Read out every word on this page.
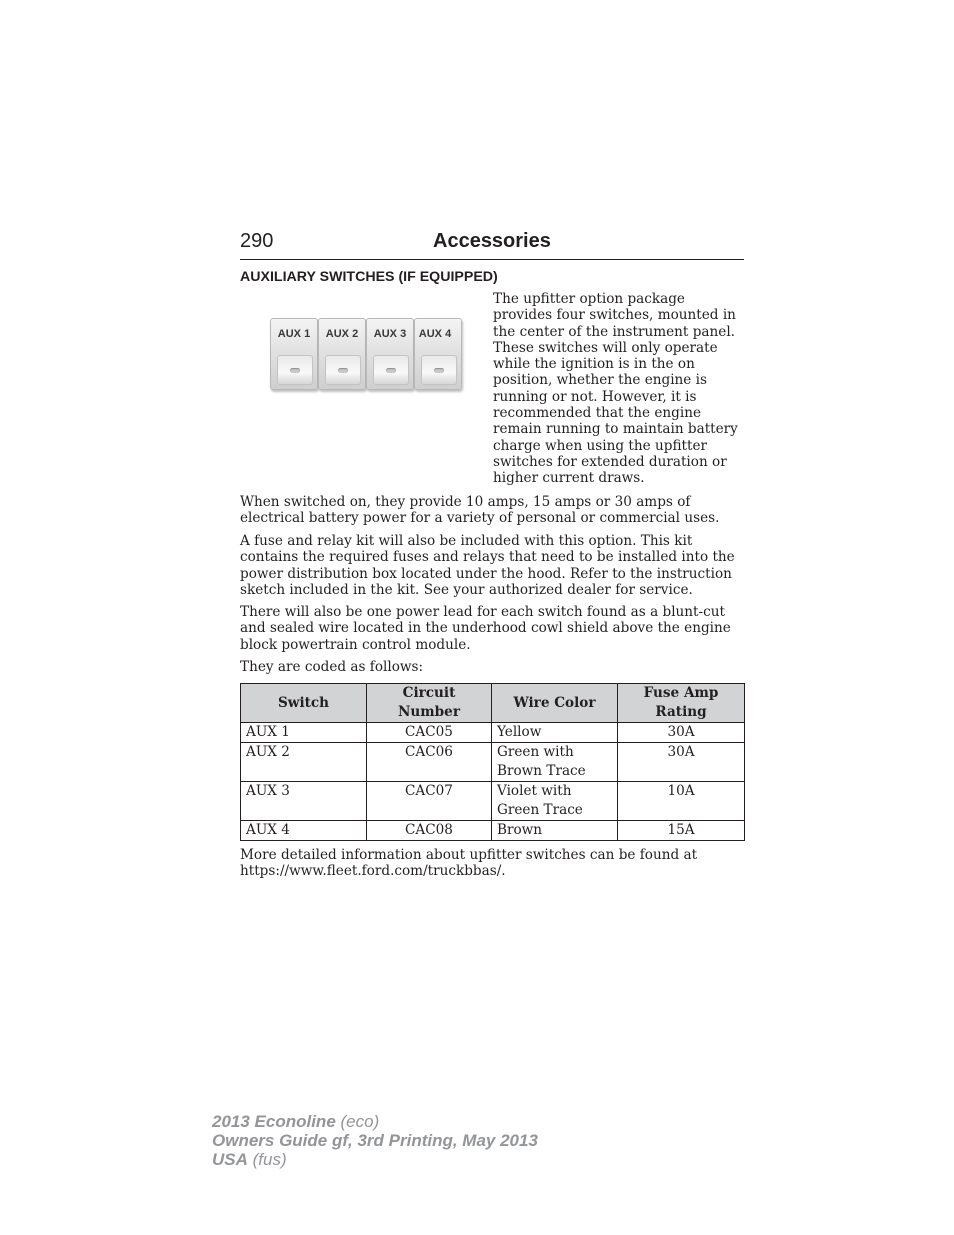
290	Accessories
AUXILIARY SWITCHES (IF EQUIPPED)
AUX 1	AUX 2	AUX 3	AUX 4

The upfitter option package provides four switches, mounted in the center of the instrument panel. These switches will only operate while the ignition is in the on position, whether the engine is running or not. However, it is recommended that the engine remain running to maintain battery charge when using the upfitter switches for extended duration or higher current draws.

When switched on, they provide 10 amps, 15 amps or 30 amps of electrical battery power for a variety of personal or commercial uses.

A fuse and relay kit will also be included with this option. This kit contains the required fuses and relays that need to be installed into the power distribution box located under the hood. Refer to the instruction sketch included in the kit. See your authorized dealer for service.

There will also be one power lead for each switch found as a blunt-cut and sealed wire located in the underhood cowl shield above the engine block powertrain control module.

They are coded as follows:

Switch	Circuit Number	Wire Color	Fuse Amp Rating
AUX 1	CAC05	Yellow	30A
AUX 2	CAC06	Green with Brown Trace	30A
AUX 3	CAC07	Violet with Green Trace	10A
AUX 4	CAC08	Brown	15A

More detailed information about upfitter switches can be found at https://www.fleet.ford.com/truckbbas/.

2013 Econoline (eco)
Owners Guide gf, 3rd Printing, May 2013
USA (fus)
